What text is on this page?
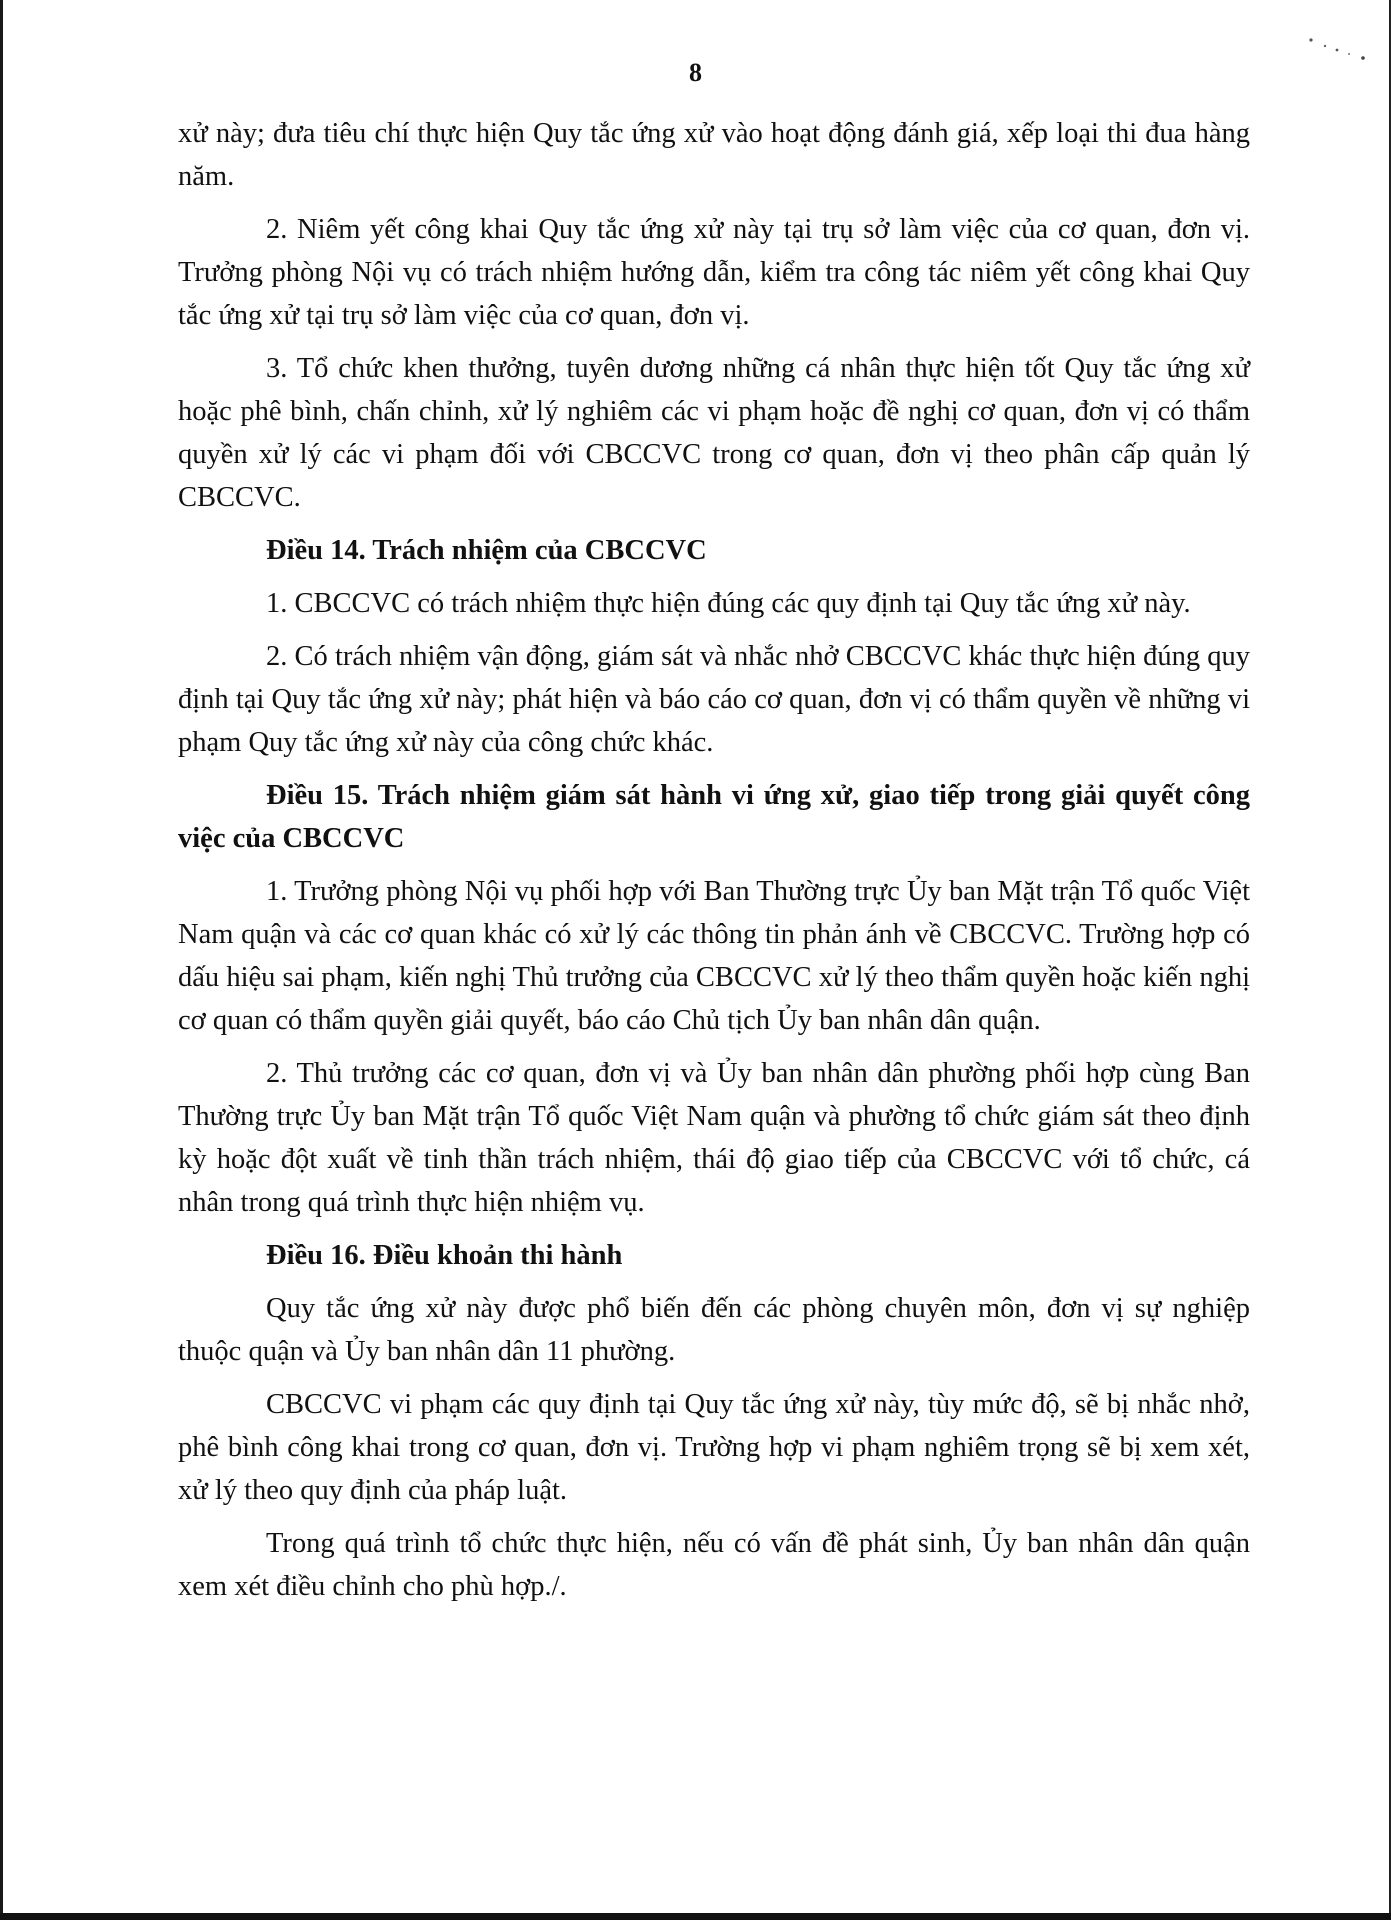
8

xử này; đưa tiêu chí thực hiện Quy tắc ứng xử vào hoạt động đánh giá, xếp loại thi đua hàng năm.

2. Niêm yết công khai Quy tắc ứng xử này tại trụ sở làm việc của cơ quan, đơn vị. Trưởng phòng Nội vụ có trách nhiệm hướng dẫn, kiểm tra công tác niêm yết công khai Quy tắc ứng xử tại trụ sở làm việc của cơ quan, đơn vị.

3. Tổ chức khen thưởng, tuyên dương những cá nhân thực hiện tốt Quy tắc ứng xử hoặc phê bình, chấn chỉnh, xử lý nghiêm các vi phạm hoặc đề nghị cơ quan, đơn vị có thẩm quyền xử lý các vi phạm đối với CBCCVC trong cơ quan, đơn vị theo phân cấp quản lý CBCCVC.

Điều 14. Trách nhiệm của CBCCVC

1. CBCCVC có trách nhiệm thực hiện đúng các quy định tại Quy tắc ứng xử này.

2. Có trách nhiệm vận động, giám sát và nhắc nhở CBCCVC khác thực hiện đúng quy định tại Quy tắc ứng xử này; phát hiện và báo cáo cơ quan, đơn vị có thẩm quyền về những vi phạm Quy tắc ứng xử này của công chức khác.

Điều 15. Trách nhiệm giám sát hành vi ứng xử, giao tiếp trong giải quyết công việc của CBCCVC

1. Trưởng phòng Nội vụ phối hợp với Ban Thường trực Ủy ban Mặt trận Tổ quốc Việt Nam quận và các cơ quan khác có xử lý các thông tin phản ánh về CBCCVC. Trường hợp có dấu hiệu sai phạm, kiến nghị Thủ trưởng của CBCCVC xử lý theo thẩm quyền hoặc kiến nghị cơ quan có thẩm quyền giải quyết, báo cáo Chủ tịch Ủy ban nhân dân quận.

2. Thủ trưởng các cơ quan, đơn vị và Ủy ban nhân dân phường phối hợp cùng Ban Thường trực Ủy ban Mặt trận Tổ quốc Việt Nam quận và phường tổ chức giám sát theo định kỳ hoặc đột xuất về tinh thần trách nhiệm, thái độ giao tiếp của CBCCVC với tổ chức, cá nhân trong quá trình thực hiện nhiệm vụ.

Điều 16. Điều khoản thi hành

Quy tắc ứng xử này được phổ biến đến các phòng chuyên môn, đơn vị sự nghiệp thuộc quận và Ủy ban nhân dân 11 phường.

CBCCVC vi phạm các quy định tại Quy tắc ứng xử này, tùy mức độ, sẽ bị nhắc nhở, phê bình công khai trong cơ quan, đơn vị. Trường hợp vi phạm nghiêm trọng sẽ bị xem xét, xử lý theo quy định của pháp luật.

Trong quá trình tổ chức thực hiện, nếu có vấn đề phát sinh, Ủy ban nhân dân quận xem xét điều chỉnh cho phù hợp./.
